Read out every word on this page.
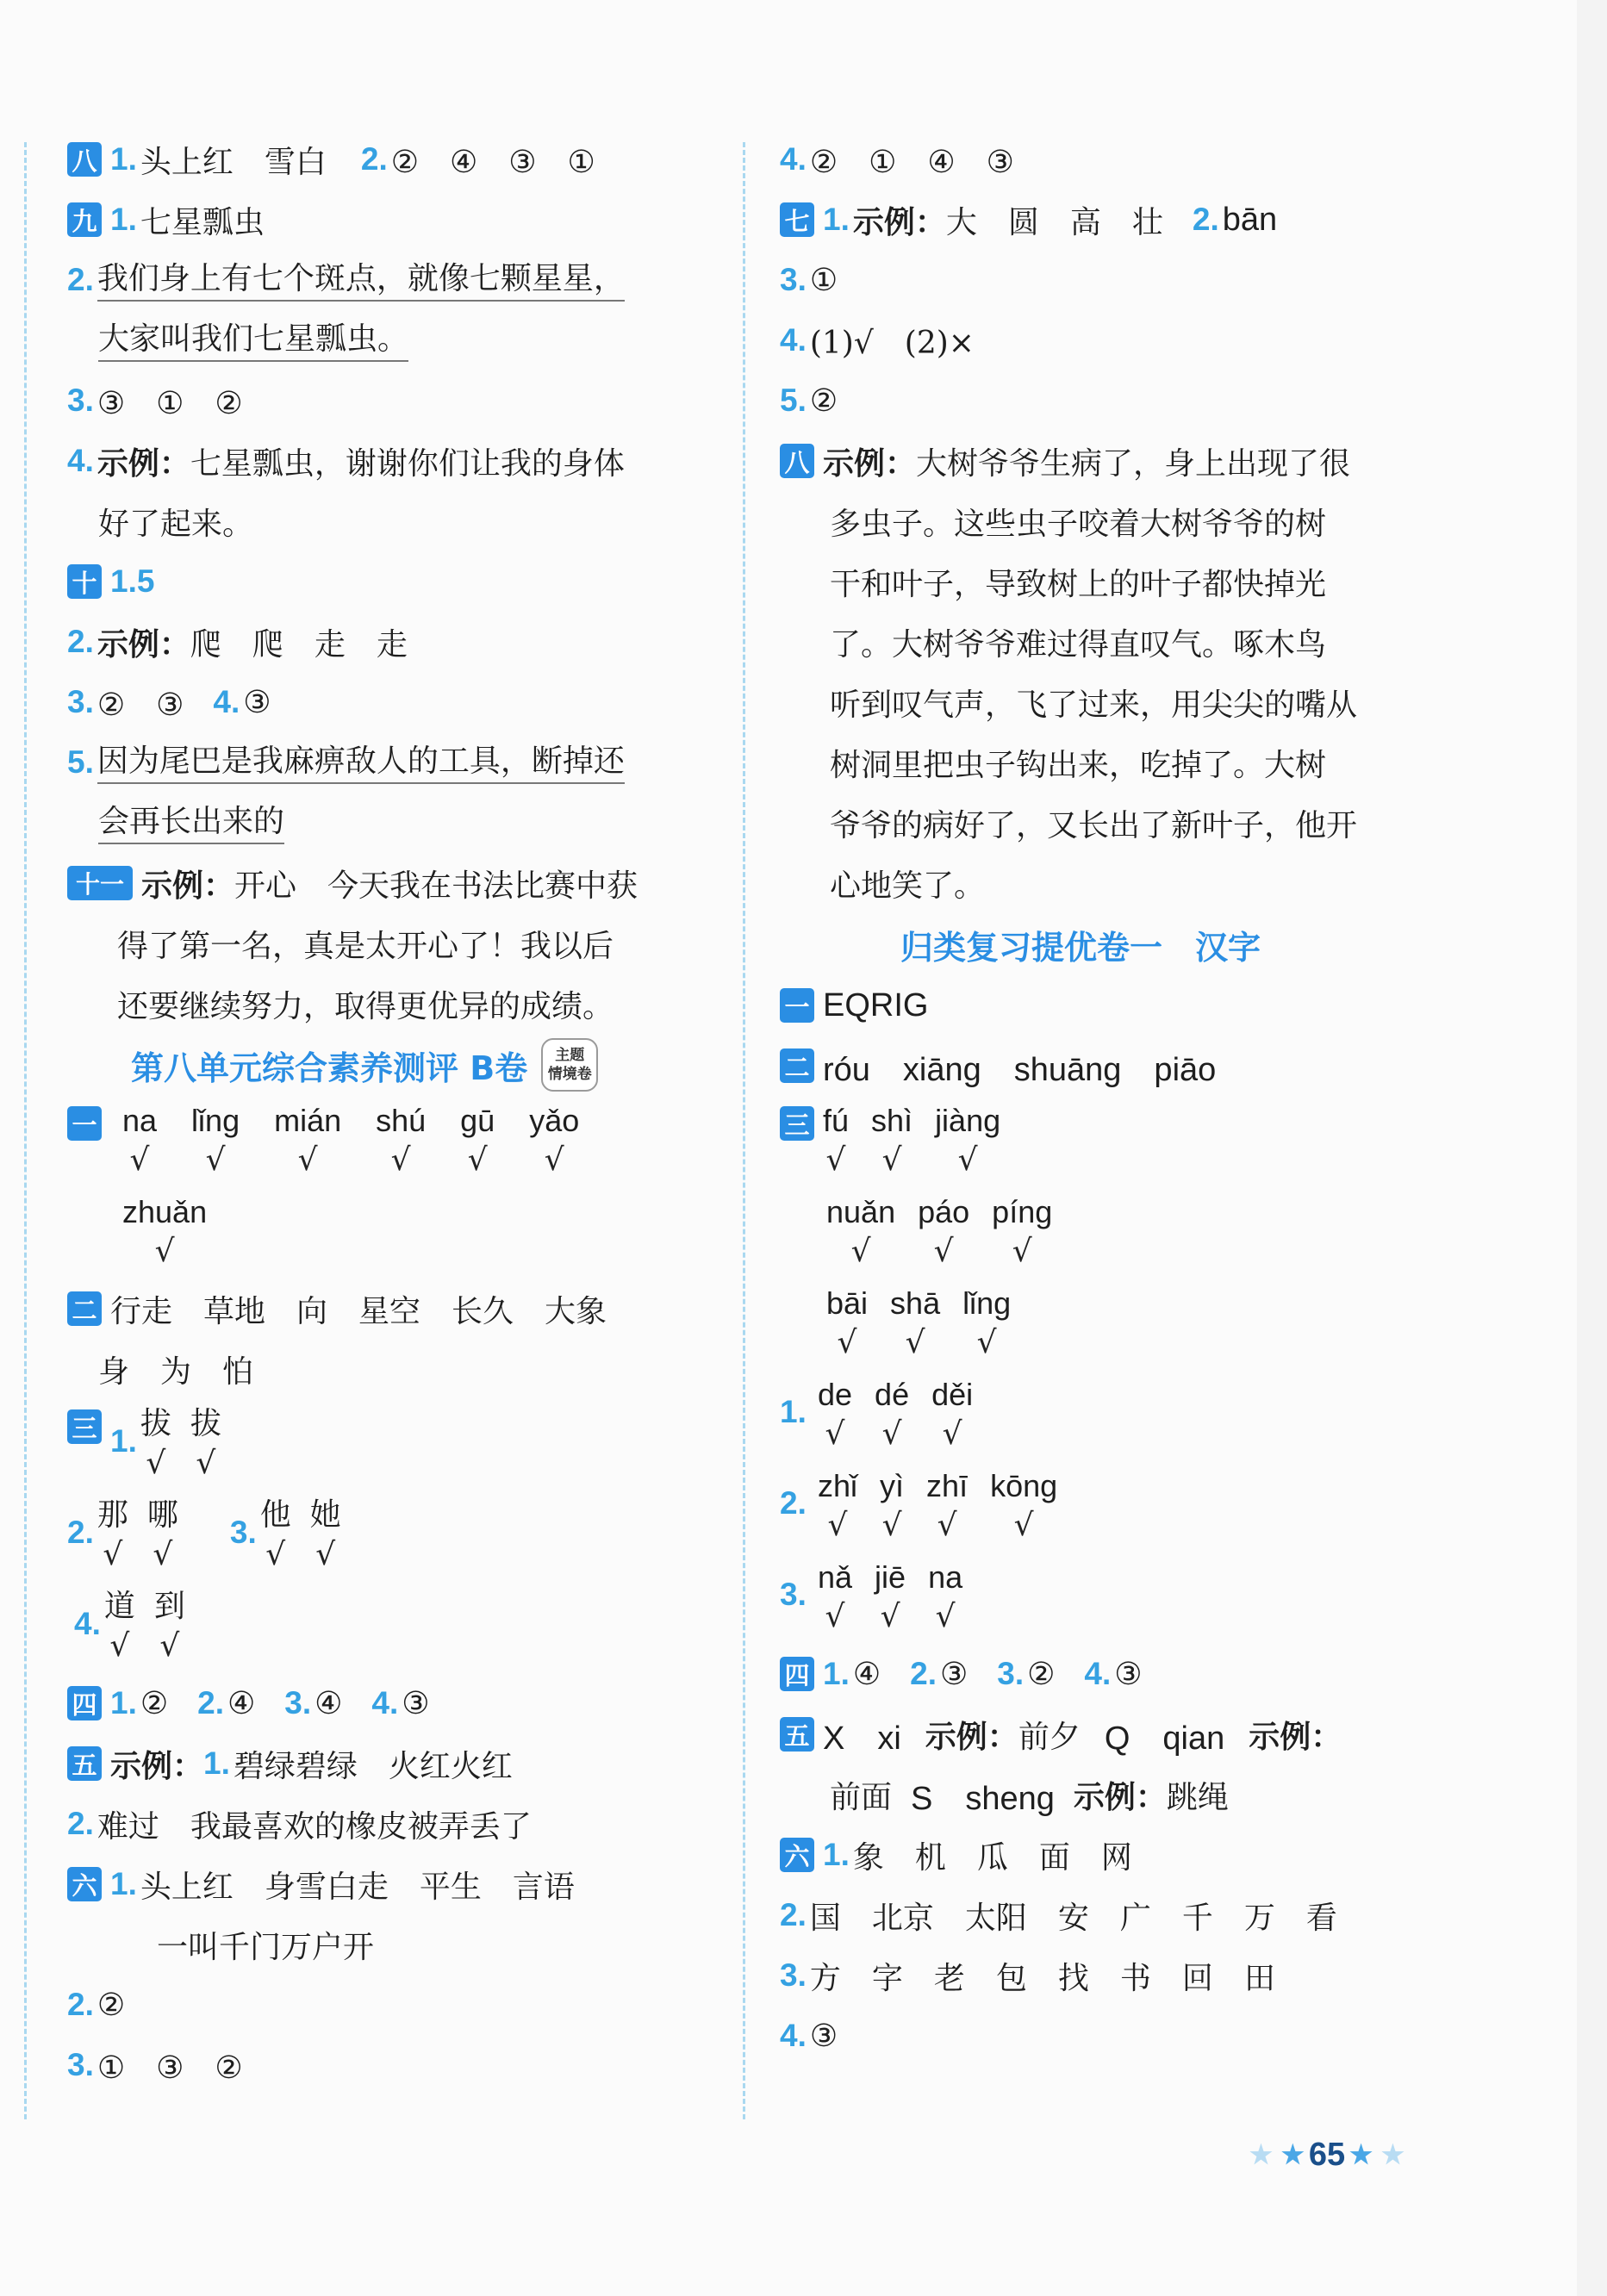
八 1. 头上红　雪白 2. ②　④　③　①
九 1. 七星瓢虫
2. 我们身上有七个斑点，就像七颗星星，
大家叫我们七星瓢虫。
3. ③　①　②
4. 示例： 七星瓢虫，谢谢你们让我的身体
好了起来。
十 1.5
2. 示例： 爬　爬　走　走
3. ②　③ 4. ③
5. 因为尾巴是我麻痹敌人的工具，断掉还
会再长出来的
十一 示例： 开心　今天我在书法比赛中获
得了第一名，真是太开心了！我以后
还要继续努力，取得更优异的成绩。
第八单元综合素养测评 B卷 主题
情境卷
一 na
√
lǐng
√
mián
√
shú
√
gū
√
yǎo
√
zhuǎn
√
二 行走　草地　向　星空　长久　大象
身　为　怕
三 1. 拔
√
拔
√
2. 那
√
哪
√
3. 他
√
她
√
4. 道
√
到
√
四 1. ② 2. ④ 3. ④ 4. ③
五 示例： 1. 碧绿碧绿　火红火红
2. 难过　我最喜欢的橡皮被弄丢了
六 1. 头上红　身雪白走　平生　言语
一叫千门万户开
2. ②
3. ①　③　②
4. ②　①　④　③
七 1. 示例： 大　圆　高　壮 2. bān
3. ①
4. (1)√　(2)×
5. ②
八 示例： 大树爷爷生病了，身上出现了很
多虫子。这些虫子咬着大树爷爷的树
干和叶子，导致树上的叶子都快掉光
了。大树爷爷难过得直叹气。啄木鸟
听到叹气声，飞了过来，用尖尖的嘴从
树洞里把虫子钩出来，吃掉了。大树
爷爷的病好了，又长出了新叶子，他开
心地笑了。
归类复习提优卷一　汉字
一 EQRIG
二 róu　xiāng　shuāng　piāo
三 fú
√
shì
√
jiàng
√
nuǎn
√
páo
√
píng
√
bāi
√
shā
√
lǐng
√
1. de
√
dé
√
děi
√
2. zhǐ
√
yì
√
zhī
√
kōng
√
3. nǎ
√
jiē
√
na
√
四 1. ④ 2. ③ 3. ② 4. ③
五 X　xi 示例： 前夕 Q　qian 示例：
前面 S　sheng 示例： 跳绳
六 1. 象　机　瓜　面　网
2. 国　北京　太阳　安　广　千　万　看
3. 方　字　老　包　找　书　回　田
4. ③
★ ★ 65 ★ ★
